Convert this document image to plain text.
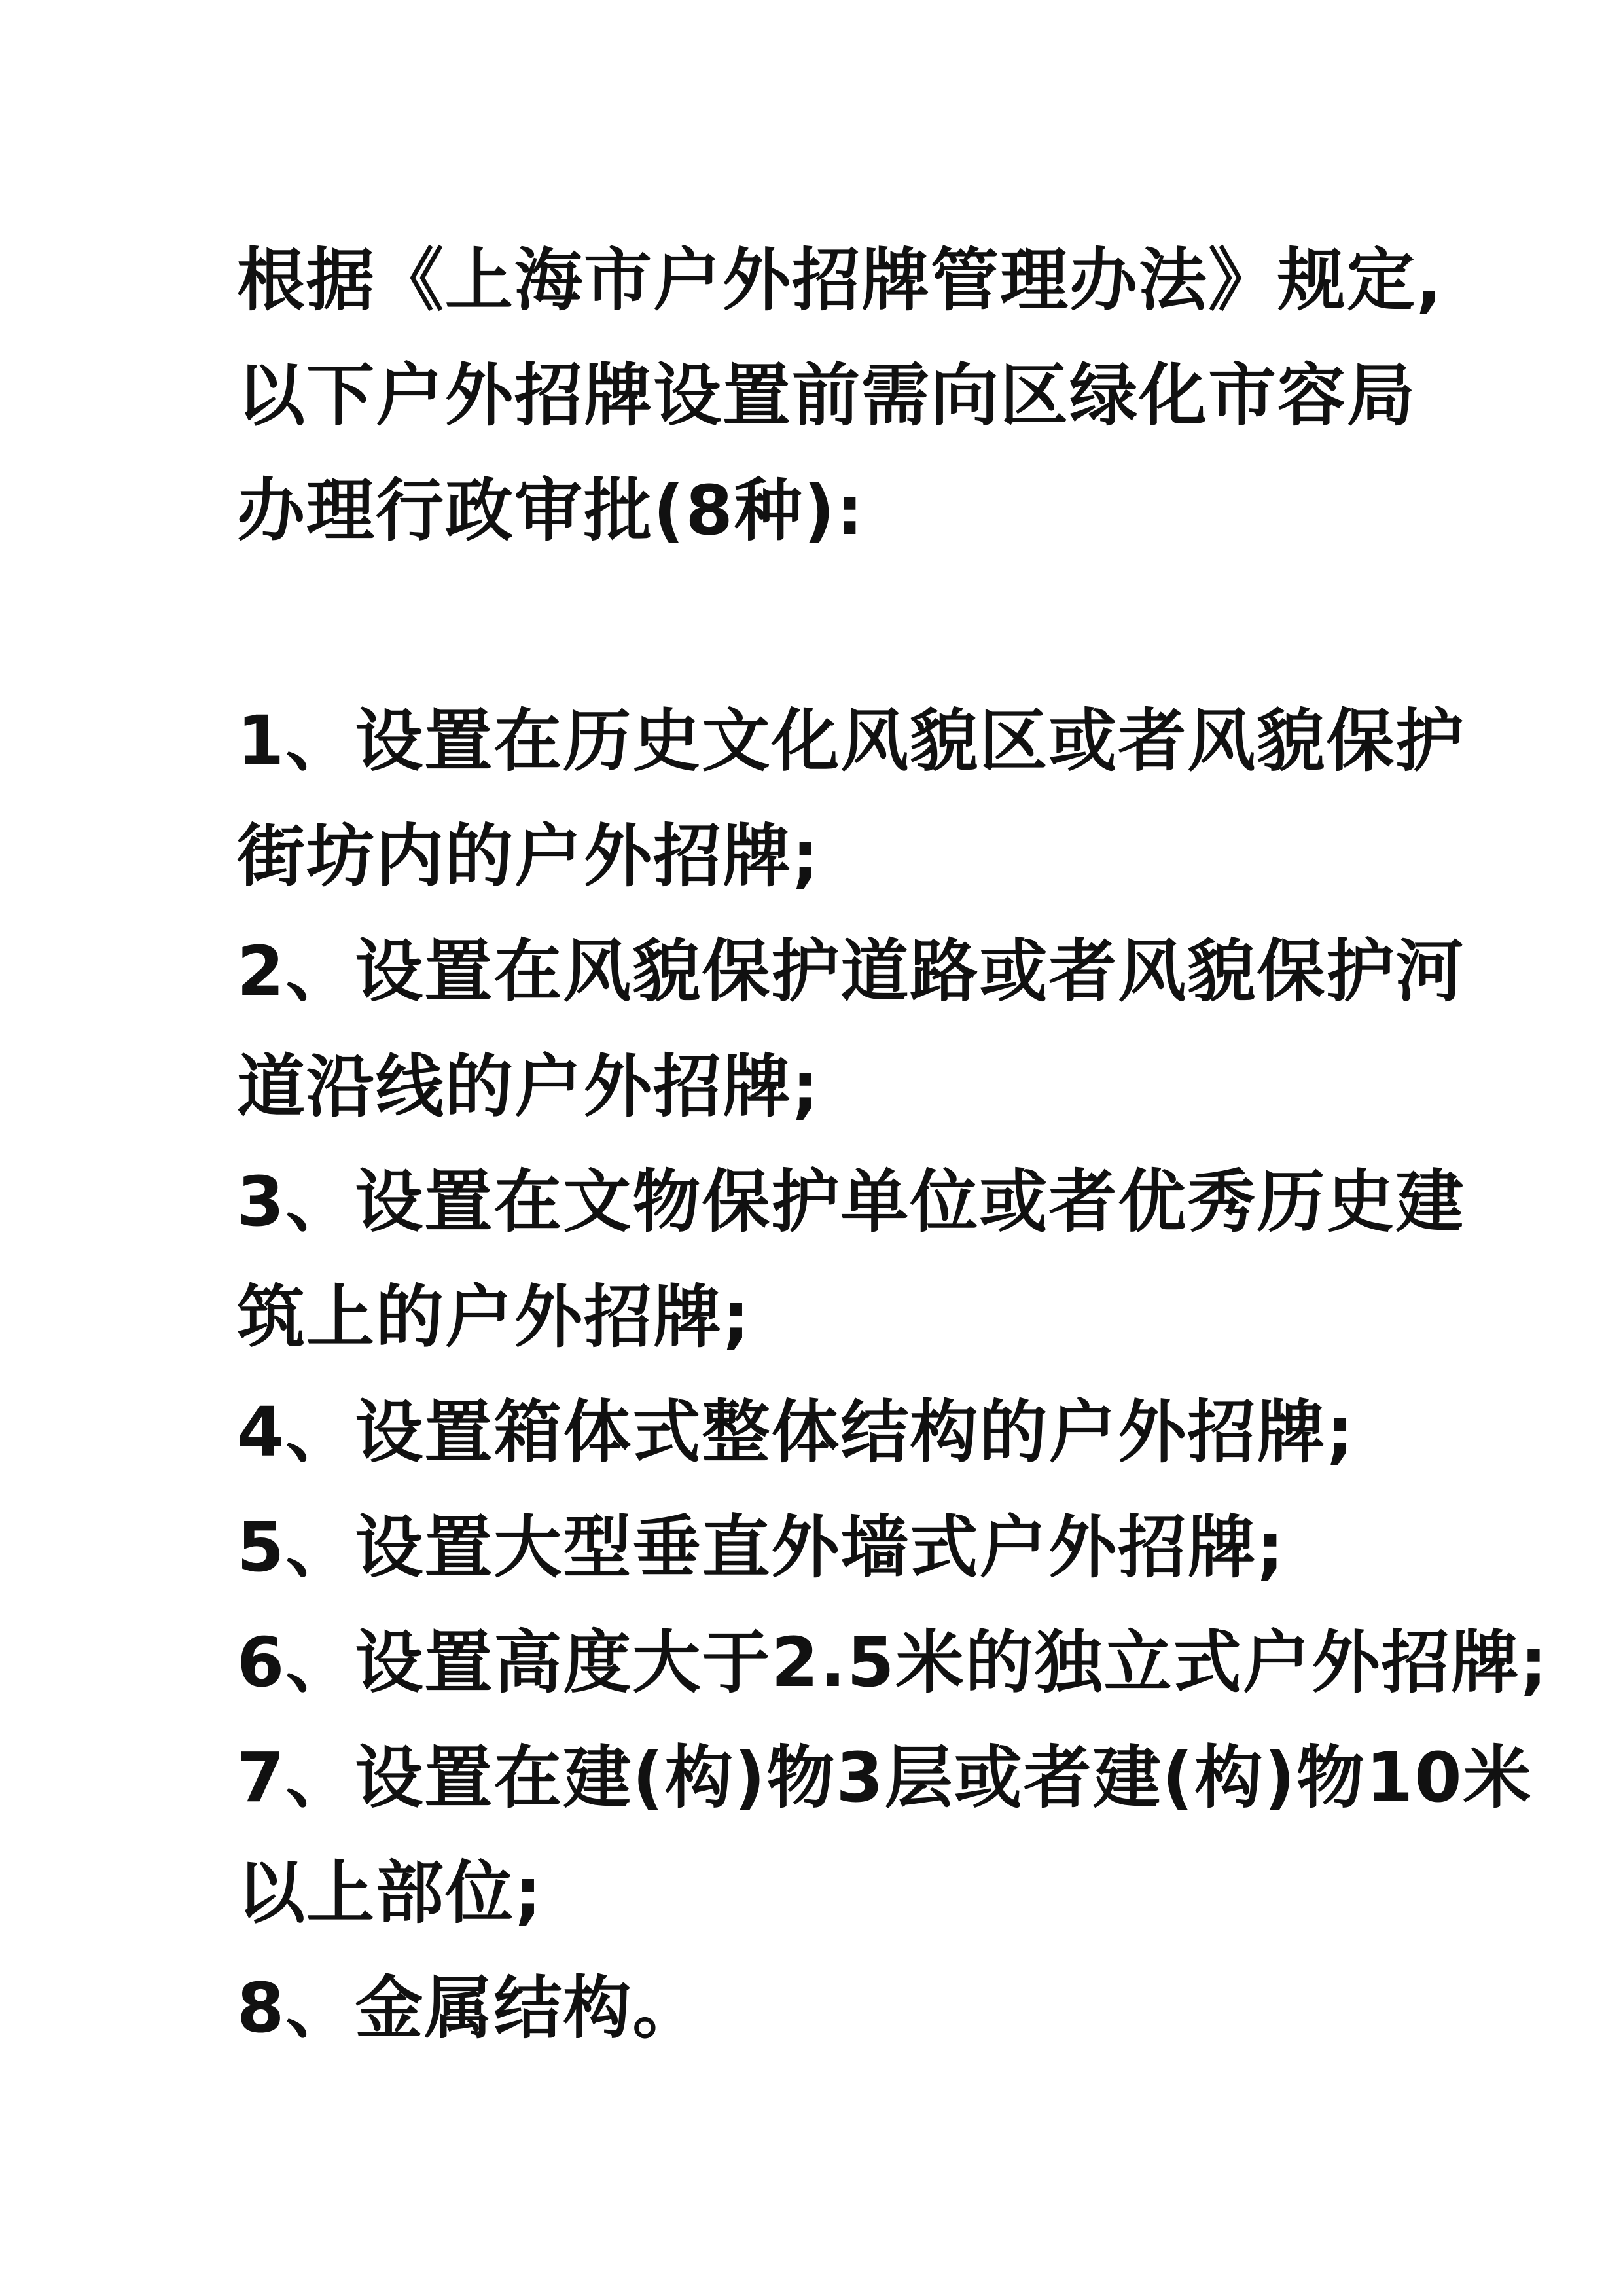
根据《上海市户外招牌管理办法》规定,
以下户外招牌设置前需向区绿化市容局
办理行政审批(8种):
1、设置在历史文化风貌区或者风貌保护
街坊内的户外招牌;
2、设置在风貌保护道路或者风貌保护河
道沿线的户外招牌;
3、设置在文物保护单位或者优秀历史建
筑上的户外招牌;
4、设置箱体式整体结构的户外招牌;
5、设置大型垂直外墙式户外招牌;
6、设置高度大于2.5米的独立式户外招牌;
7、设置在建(构)物3层或者建(构)物10米
以上部位;
8、金属结构。
